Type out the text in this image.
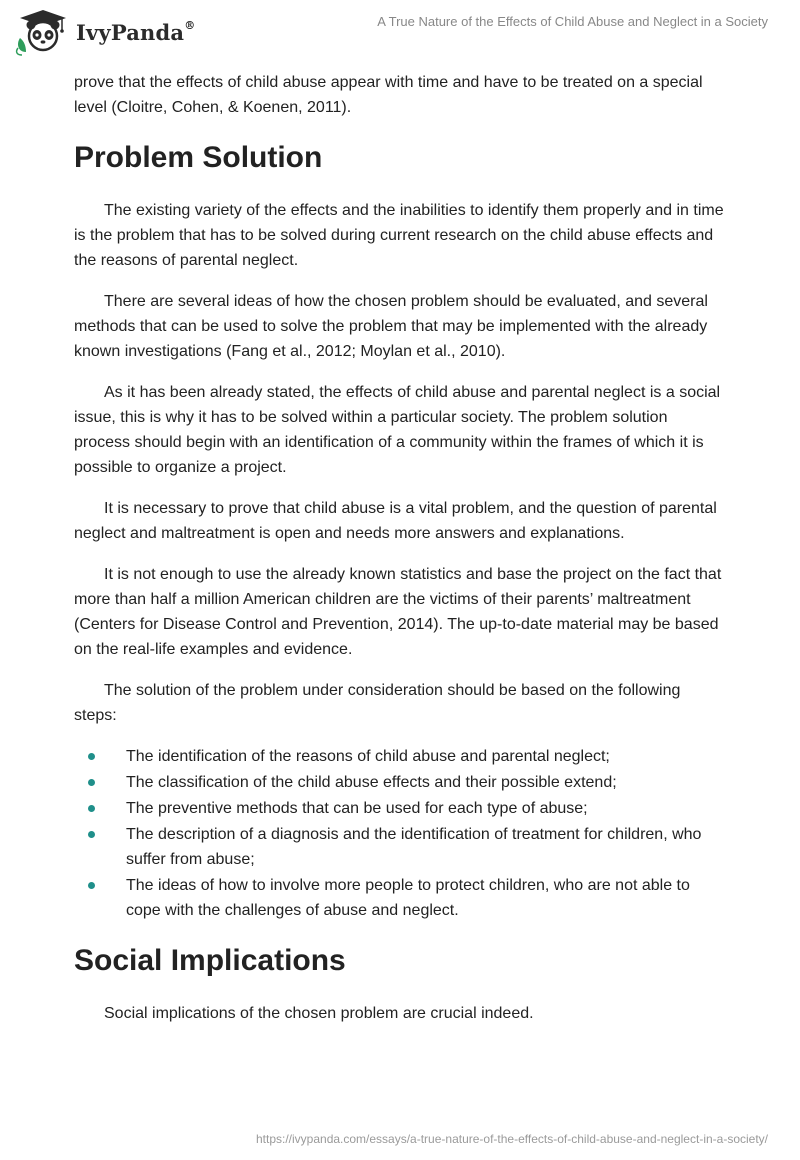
IvyPanda®	A True Nature of the Effects of Child Abuse and Neglect in a Society

prove that the effects of child abuse appear with time and have to be treated on a special level (Cloitre, Cohen, & Koenen, 2011).

Problem Solution

The existing variety of the effects and the inabilities to identify them properly and in time is the problem that has to be solved during current research on the child abuse effects and the reasons of parental neglect.

There are several ideas of how the chosen problem should be evaluated, and several methods that can be used to solve the problem that may be implemented with the already known investigations (Fang et al., 2012; Moylan et al., 2010).

As it has been already stated, the effects of child abuse and parental neglect is a social issue, this is why it has to be solved within a particular society. The problem solution process should begin with an identification of a community within the frames of which it is possible to organize a project.

It is necessary to prove that child abuse is a vital problem, and the question of parental neglect and maltreatment is open and needs more answers and explanations.

It is not enough to use the already known statistics and base the project on the fact that more than half a million American children are the victims of their parents’ maltreatment (Centers for Disease Control and Prevention, 2014). The up-to-date material may be based on the real-life examples and evidence.

The solution of the problem under consideration should be based on the following steps:

The identification of the reasons of child abuse and parental neglect;
The classification of the child abuse effects and their possible extend;
The preventive methods that can be used for each type of abuse;
The description of a diagnosis and the identification of treatment for children, who suffer from abuse;
The ideas of how to involve more people to protect children, who are not able to cope with the challenges of abuse and neglect.
Social Implications

Social implications of the chosen problem are crucial indeed.

https://ivypanda.com/essays/a-true-nature-of-the-effects-of-child-abuse-and-neglect-in-a-society/
